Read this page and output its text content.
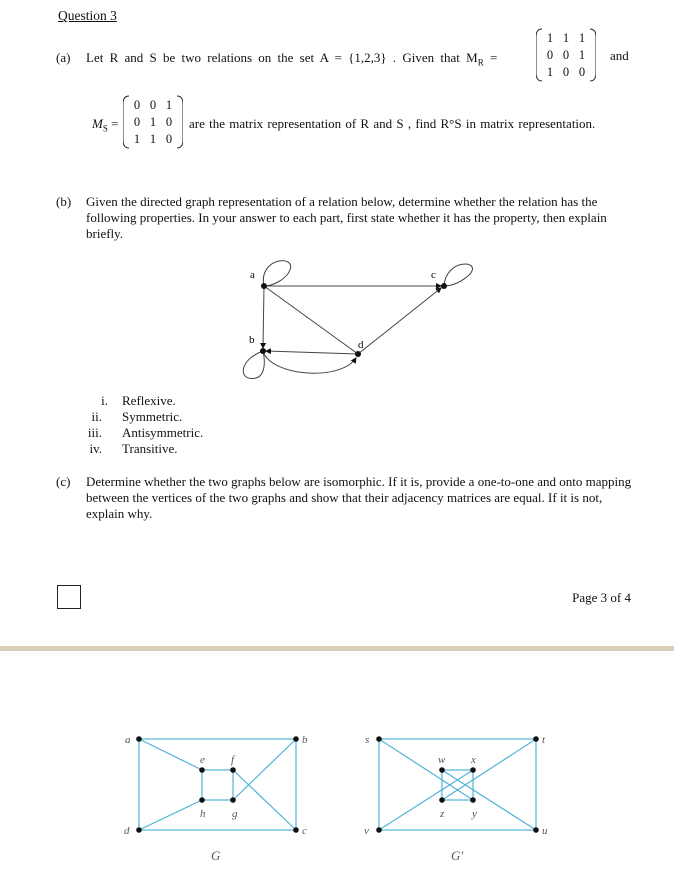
Question 3
(a) Let R and S be two relations on the set A = {1,2,3} . Given that $M_R$ =
1 1 1
0 0 1
1 0 0
and
$M_S$ =
0 0 1
0 1 0
1 1 0
are the matrix representation of R and S , find R°S in matrix representation.
(b) Given the directed graph representation of a relation below, determine whether the relation has the following properties. In your answer to each part, first state whether it has the property, then explain briefly.
a
b
c
d
i. Reflexive.
ii. Symmetric.
iii. Antisymmetric.
iv. Transitive.
(c) Determine whether the two graphs below are isomorphic. If it is, provide a one-to-one and onto mapping between the vertices of the two graphs and show that their adjacency matrices are equal. If it is not, explain why.
Page 3 of 4
a	b
c
d
e f
g
h
G
s	t
u
v
w x
y
z
G′
